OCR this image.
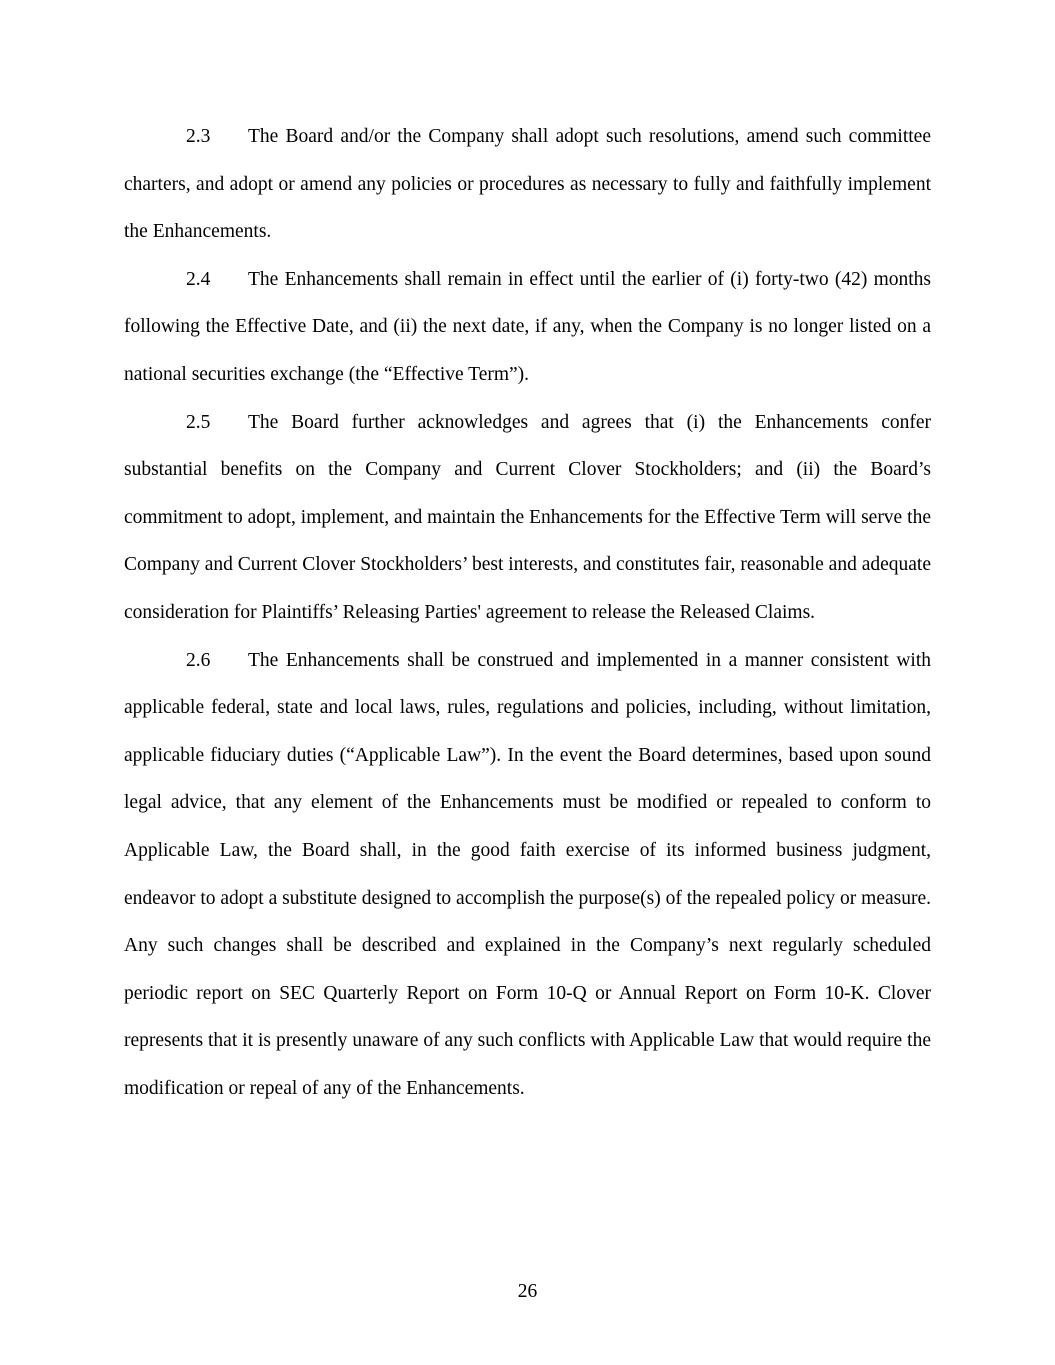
2.3 The Board and/or the Company shall adopt such resolutions, amend such committee charters, and adopt or amend any policies or procedures as necessary to fully and faithfully implement the Enhancements.

2.4 The Enhancements shall remain in effect until the earlier of (i) forty-two (42) months following the Effective Date, and (ii) the next date, if any, when the Company is no longer listed on a national securities exchange (the “Effective Term”).

2.5 The Board further acknowledges and agrees that (i) the Enhancements confer substantial benefits on the Company and Current Clover Stockholders; and (ii) the Board’s commitment to adopt, implement, and maintain the Enhancements for the Effective Term will serve the Company and Current Clover Stockholders’ best interests, and constitutes fair, reasonable and adequate consideration for Plaintiffs’ Releasing Parties' agreement to release the Released Claims.

2.6 The Enhancements shall be construed and implemented in a manner consistent with applicable federal, state and local laws, rules, regulations and policies, including, without limitation, applicable fiduciary duties (“Applicable Law”). In the event the Board determines, based upon sound legal advice, that any element of the Enhancements must be modified or repealed to conform to Applicable Law, the Board shall, in the good faith exercise of its informed business judgment, endeavor to adopt a substitute designed to accomplish the purpose(s) of the repealed policy or measure. Any such changes shall be described and explained in the Company’s next regularly scheduled periodic report on SEC Quarterly Report on Form 10-Q or Annual Report on Form 10-K. Clover represents that it is presently unaware of any such conflicts with Applicable Law that would require the modification or repeal of any of the Enhancements.

26
